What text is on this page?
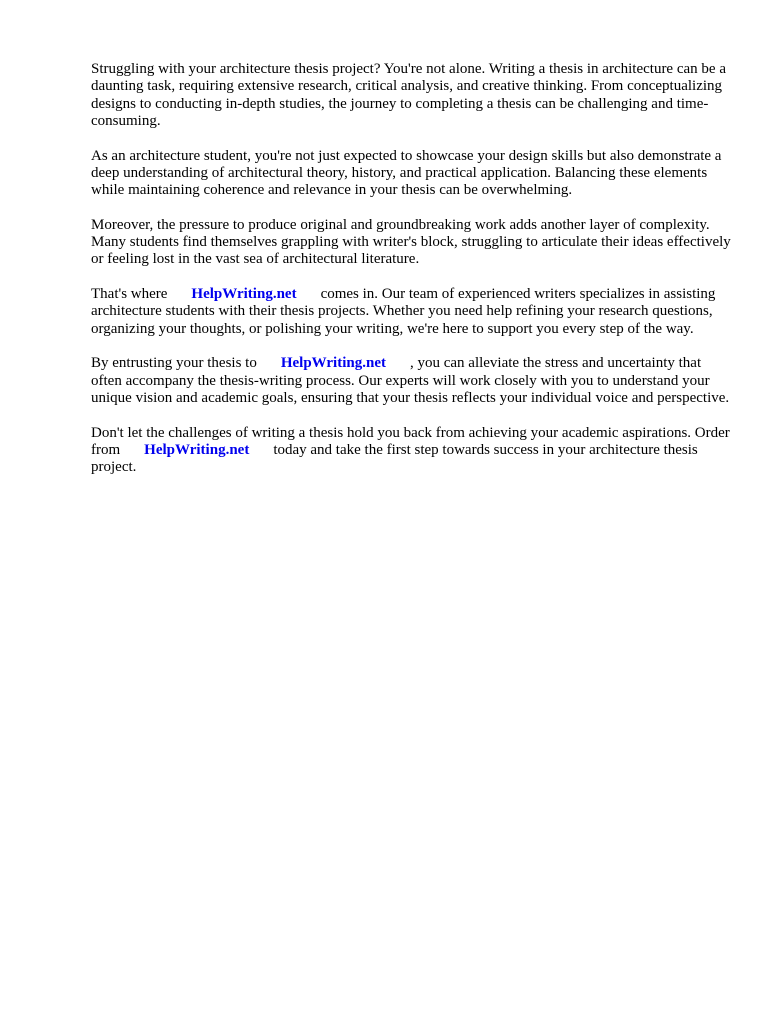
Struggling with your architecture thesis project? You're not alone. Writing a thesis in architecture can be a daunting task, requiring extensive research, critical analysis, and creative thinking. From conceptualizing designs to conducting in-depth studies, the journey to completing a thesis can be challenging and time-consuming.

As an architecture student, you're not just expected to showcase your design skills but also demonstrate a deep understanding of architectural theory, history, and practical application. Balancing these elements while maintaining coherence and relevance in your thesis can be overwhelming.

Moreover, the pressure to produce original and groundbreaking work adds another layer of complexity. Many students find themselves grappling with writer's block, struggling to articulate their ideas effectively or feeling lost in the vast sea of architectural literature.

That's where HelpWriting.net comes in. Our team of experienced writers specializes in assisting architecture students with their thesis projects. Whether you need help refining your research questions, organizing your thoughts, or polishing your writing, we're here to support you every step of the way.

By entrusting your thesis to HelpWriting.net , you can alleviate the stress and uncertainty that often accompany the thesis-writing process. Our experts will work closely with you to understand your unique vision and academic goals, ensuring that your thesis reflects your individual voice and perspective.

Don't let the challenges of writing a thesis hold you back from achieving your academic aspirations. Order from HelpWriting.net today and take the first step towards success in your architecture thesis project.
